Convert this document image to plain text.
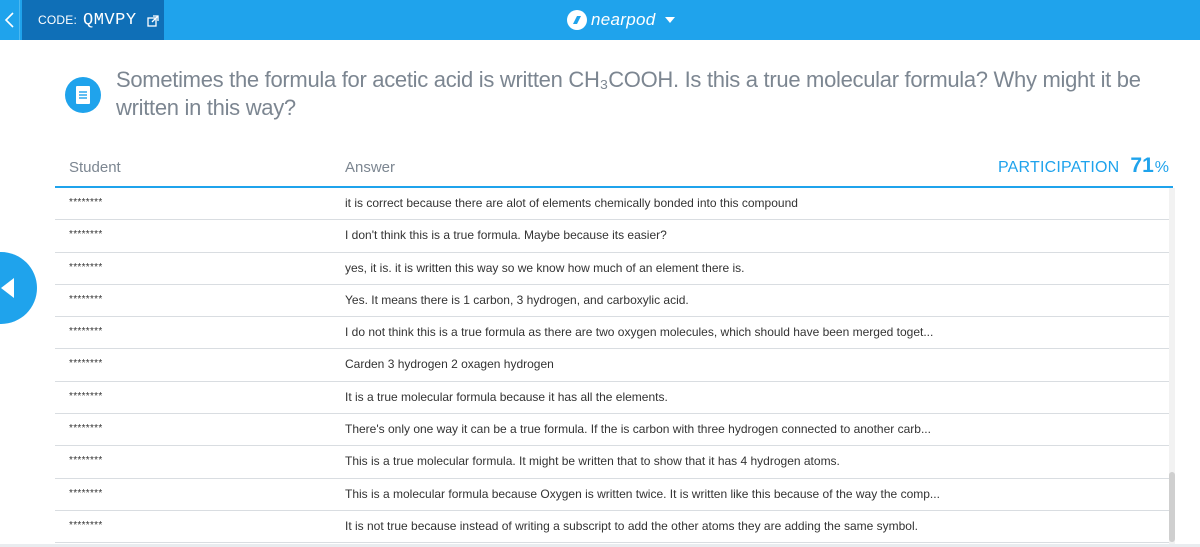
CODE: QMVPY	nearpod
Sometimes the formula for acetic acid is written CH₃COOH. Is this a true molecular formula? Why might it be written in this way?
Student	Answer	PARTICIPATION 71 %
********	it is correct because there are alot of elements chemically bonded into this compound
********	I don't think this is a true formula. Maybe because its easier?
********	yes, it is. it is written this way so we know how much of an element there is.
********	Yes. It means there is 1 carbon, 3 hydrogen, and carboxylic acid.
********	I do not think this is a true formula as there are two oxygen molecules, which should have been merged toget...
********	Carden 3 hydrogen 2 oxagen hydrogen
********	It is a true molecular formula because it has all the elements.
********	There's only one way it can be a true formula. If the is carbon with three hydrogen connected to another carb...
********	This is a true molecular formula. It might be written that to show that it has 4 hydrogen atoms.
********	This is a molecular formula because Oxygen is written twice. It is written like this because of the way the comp...
********	It is not true because instead of writing a subscript to add the other atoms they are adding the same symbol.
